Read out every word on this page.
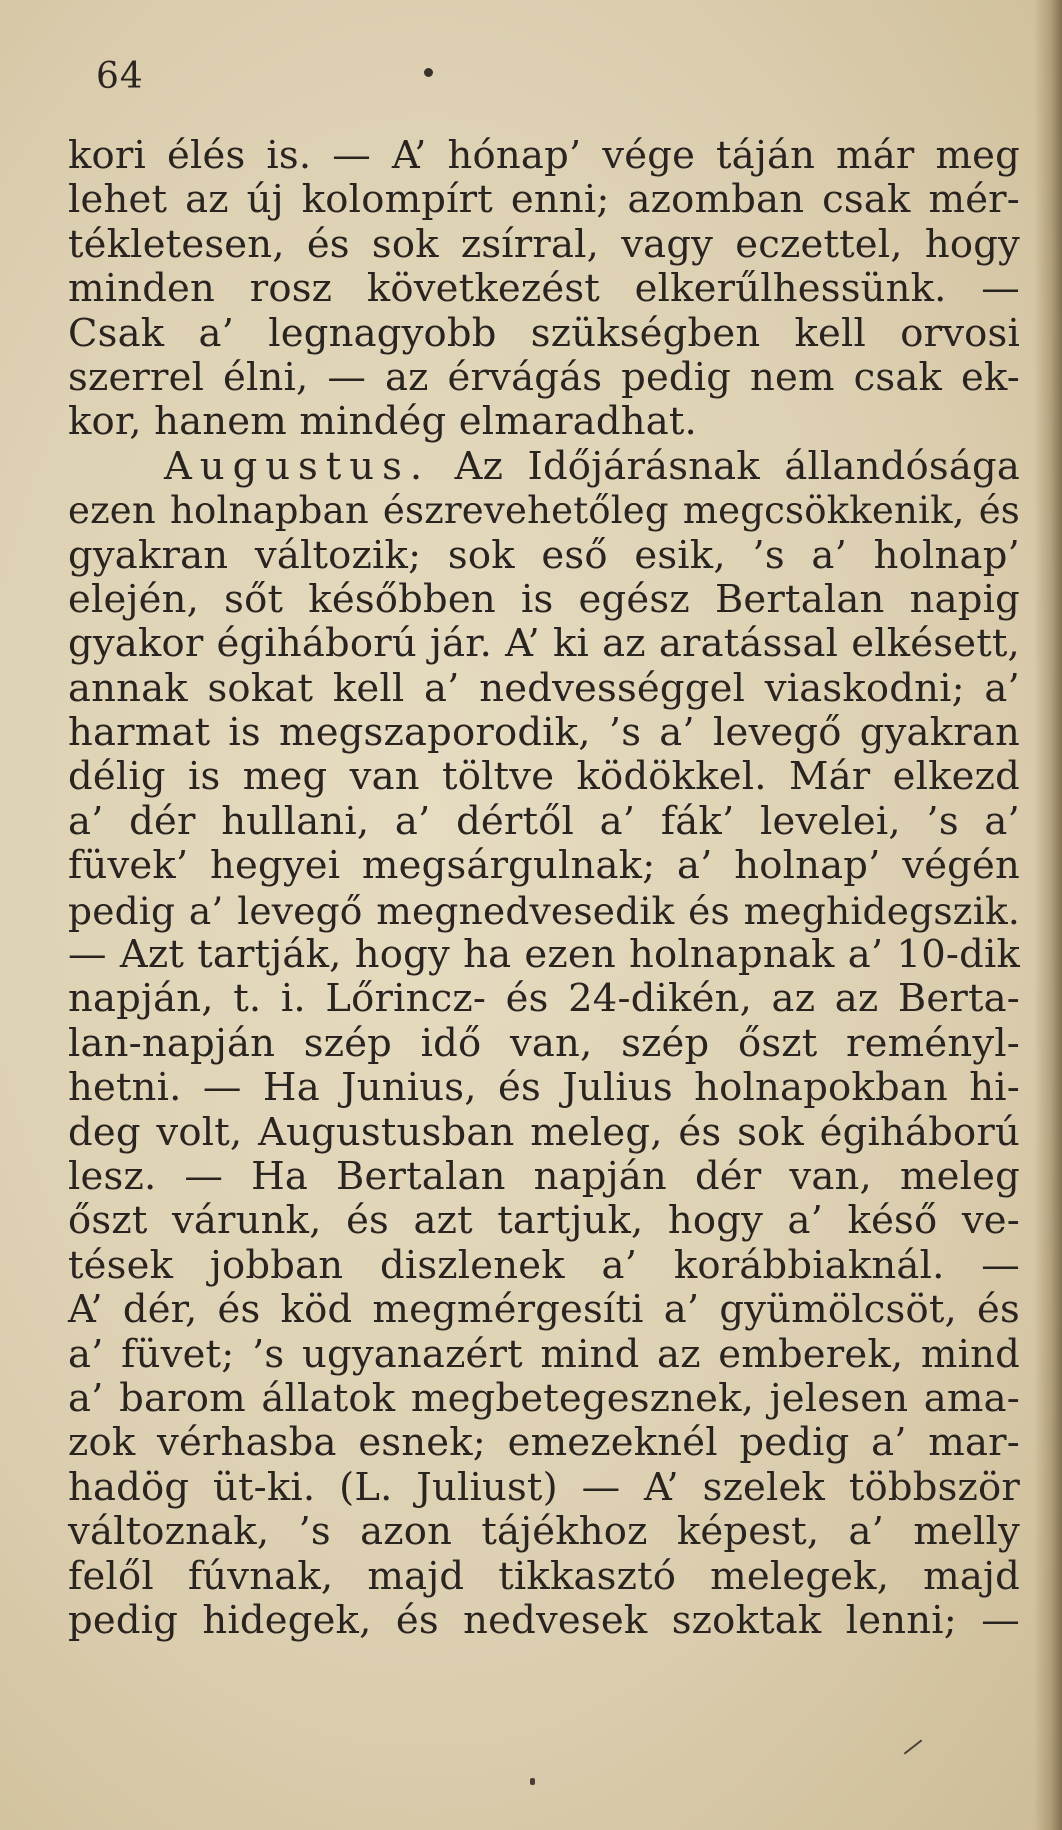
64
kori élés is. — A’ hónap’ vége táján már meg
lehet az új kolompírt enni; azomban csak mér-
tékletesen, és sok zsírral, vagy eczettel, hogy
minden rosz következést elkerűlhessünk. —
Csak a’ legnagyobb szükségben kell orvosi
szerrel élni, — az érvágás pedig nem csak ek-
kor, hanem mindég elmaradhat.
Augustus. Az Időjárásnak állandósága
ezen holnapban észrevehetőleg megcsökkenik, és
gyakran változik; sok eső esik, ’s a’ holnap’
elején, sőt későbben is egész Bertalan napig
gyakor égiháború jár. A’ ki az aratással elkésett,
annak sokat kell a’ nedvességgel viaskodni; a’
harmat is megszaporodik, ’s a’ levegő gyakran
délig is meg van töltve ködökkel. Már elkezd
a’ dér hullani, a’ dértől a’ fák’ levelei, ’s a’
füvek’ hegyei megsárgulnak; a’ holnap’ végén
pedig a’ levegő megnedvesedik és meghidegszik.
— Azt tartják, hogy ha ezen holnapnak a’ 10-dik
napján, t. i. Lőrincz- és 24-dikén, az az Berta-
lan-napján szép idő van, szép őszt reményl-
hetni. — Ha Junius, és Julius holnapokban hi-
deg volt, Augustusban meleg, és sok égiháború
lesz. — Ha Bertalan napján dér van, meleg
őszt várunk, és azt tartjuk, hogy a’ késő ve-
tések jobban diszlenek a’ korábbiaknál. —
A’ dér, és köd megmérgesíti a’ gyümölcsöt, és
a’ füvet; ’s ugyanazért mind az emberek, mind
a’ barom állatok megbetegesznek, jelesen ama-
zok vérhasba esnek; emezeknél pedig a’ mar-
hadög üt-ki. (L. Juliust) — A’ szelek többször
változnak, ’s azon tájékhoz képest, a’ melly
felől fúvnak, majd tikkasztó melegek, majd
pedig hidegek, és nedvesek szoktak lenni; —
